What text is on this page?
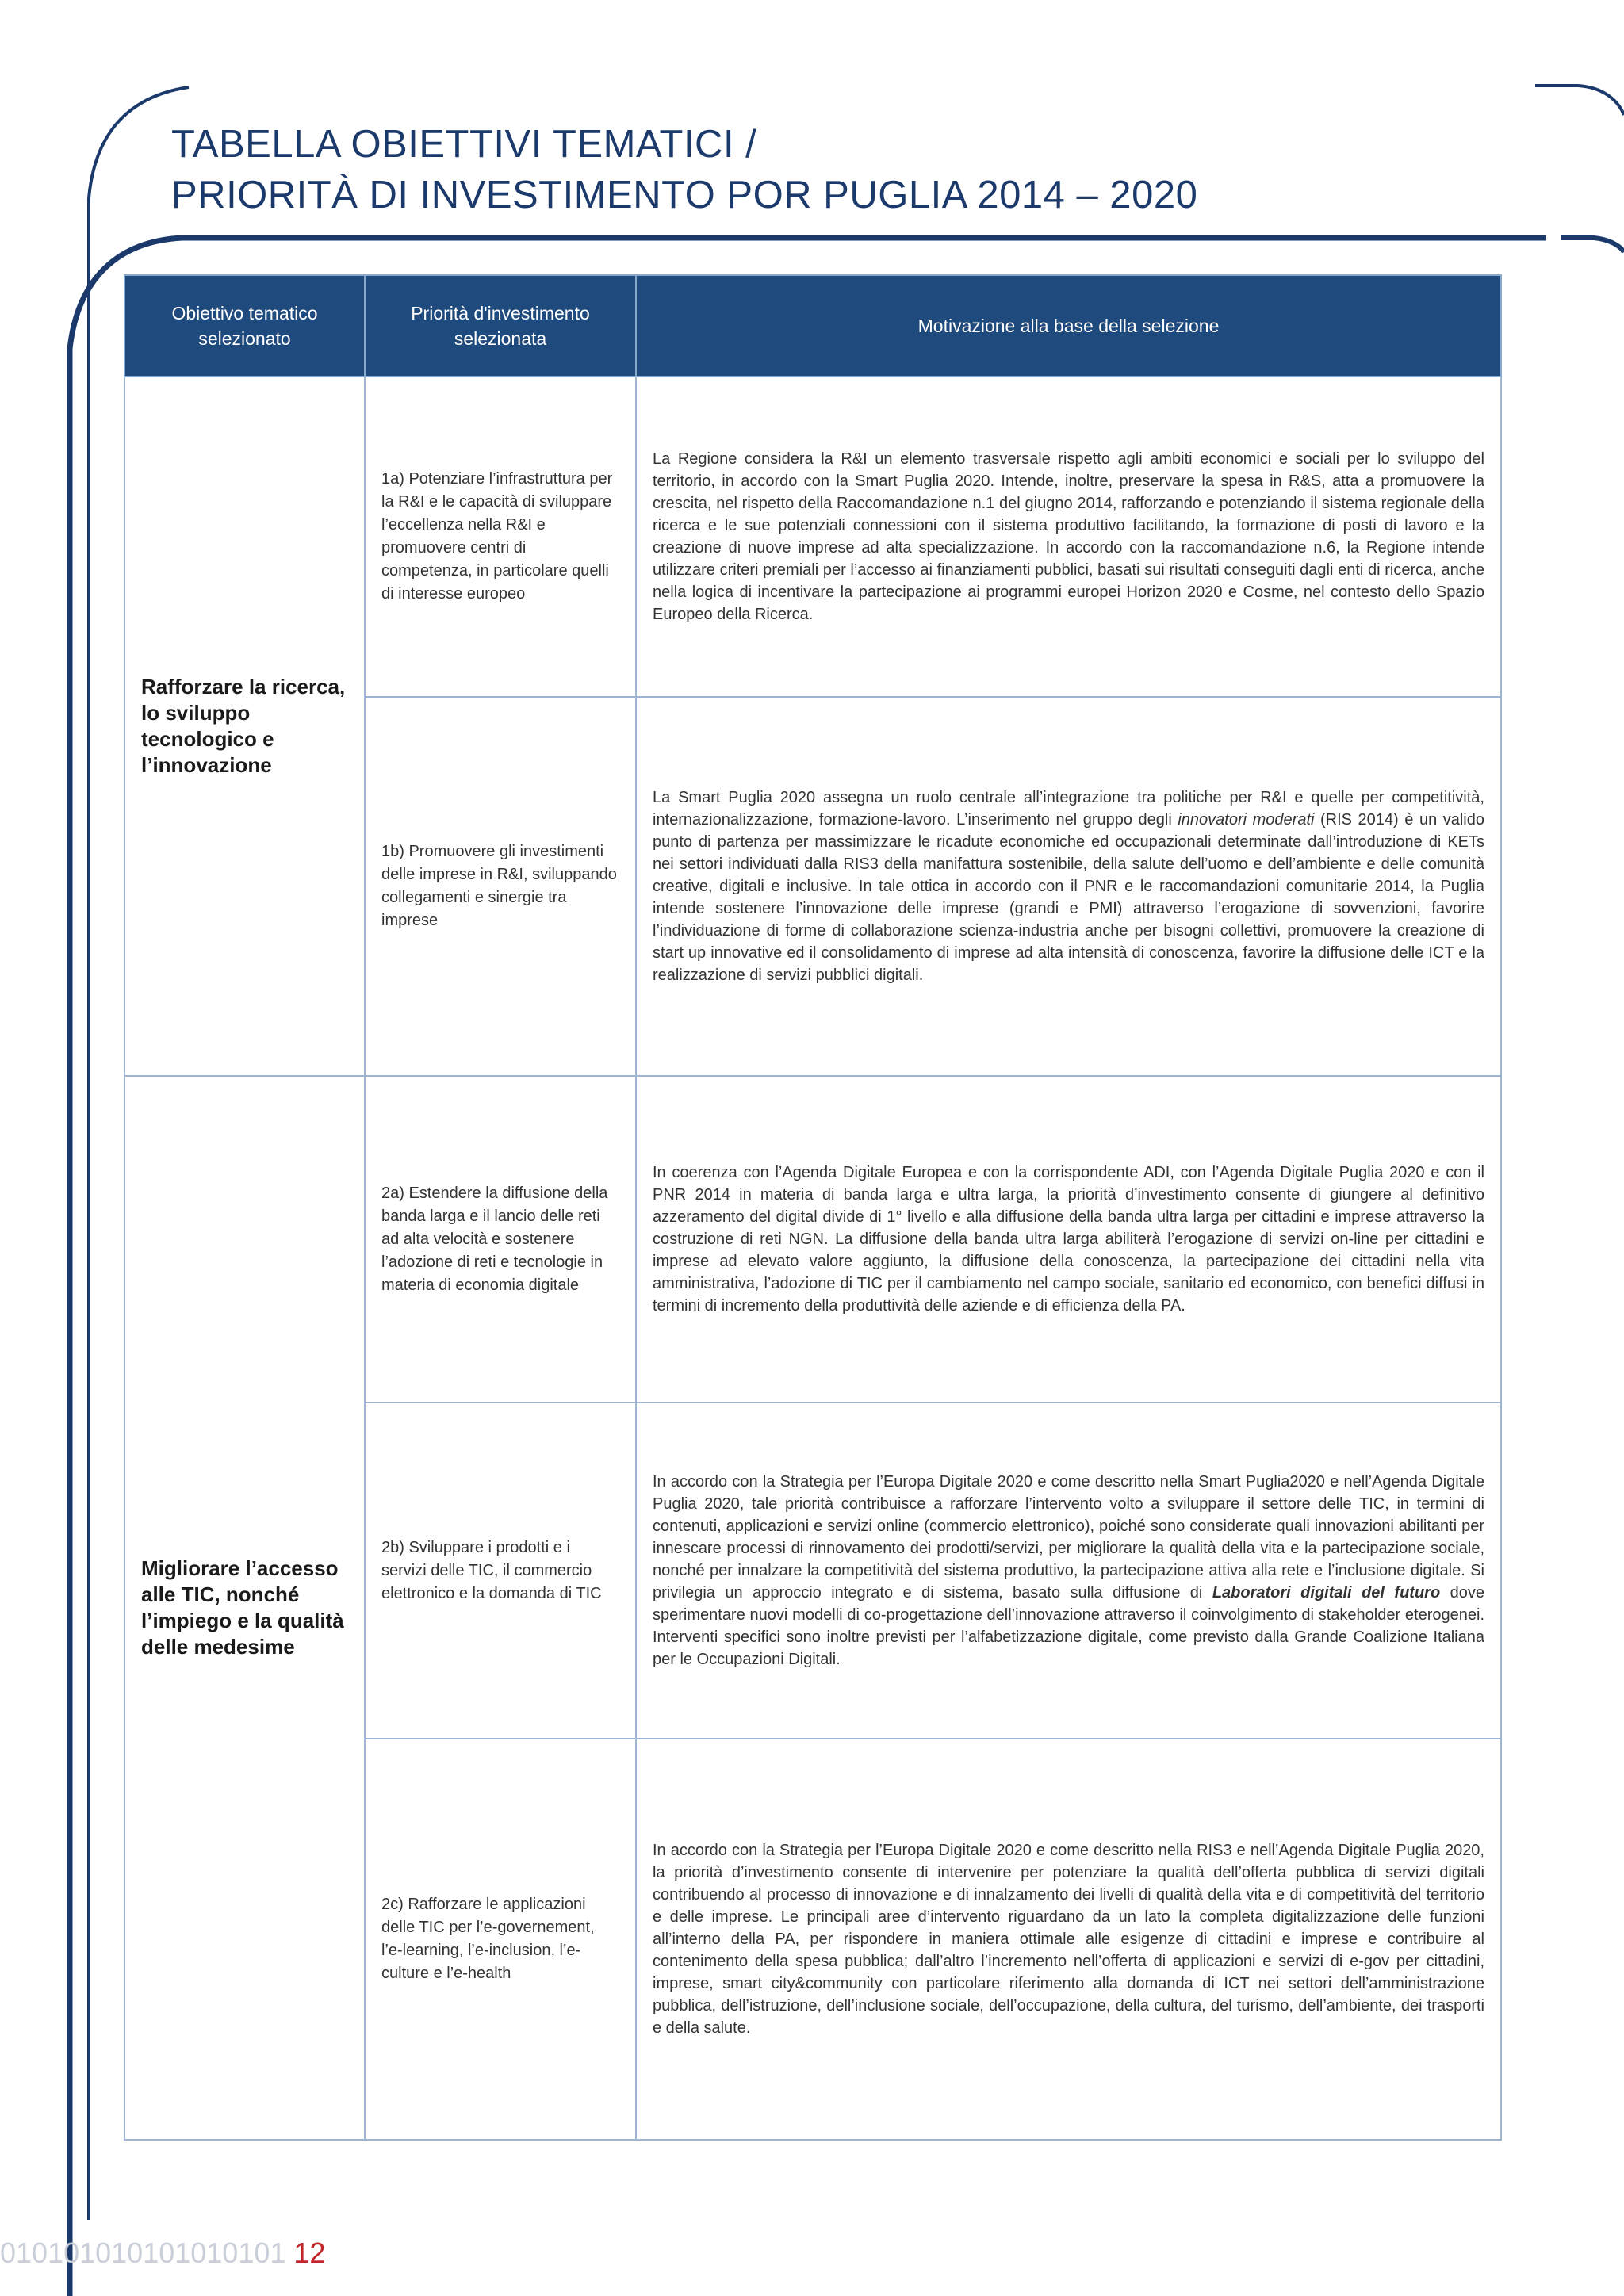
TABELLA OBIETTIVI TEMATICI /
PRIORITÀ DI INVESTIMENTO POR PUGLIA 2014 – 2020
Obiettivo tematico selezionato	Priorità d'investimento selezionata	Motivazione alla base della selezione
Rafforzare la ricerca, lo sviluppo tecnologico e l’innovazione	1a) Potenziare l’infrastruttura per la R&I e le capacità di sviluppare l’eccellenza nella R&I e promuovere centri di competenza, in particolare quelli di interesse europeo	La Regione considera la R&I un elemento trasversale rispetto agli ambiti economici e sociali per lo sviluppo del territorio, in accordo con la Smart Puglia 2020. Intende, inoltre, preservare la spesa in R&S, atta a promuovere la crescita, nel rispetto della Raccomandazione n.1 del giugno 2014, rafforzando e potenziando il sistema regionale della ricerca e le sue potenziali connessioni con il sistema produttivo facilitando, la formazione di posti di lavoro e la creazione di nuove imprese ad alta specializzazione. In accordo con la raccomandazione n.6, la Regione intende utilizzare criteri premiali per l’accesso ai finanziamenti pubblici, basati sui risultati conseguiti dagli enti di ricerca, anche nella logica di incentivare la partecipazione ai programmi europei Horizon 2020 e Cosme, nel contesto dello Spazio Europeo della Ricerca.
	1b) Promuovere gli investimenti delle imprese in R&I, sviluppando collegamenti e sinergie tra imprese	La Smart Puglia 2020 assegna un ruolo centrale all’integrazione tra politiche per R&I e quelle per competitività, internazionalizzazione, formazione-lavoro. L’inserimento nel gruppo degli innovatori moderati (RIS 2014) è un valido punto di partenza per massimizzare le ricadute economiche ed occupazionali determinate dall’introduzione di KETs nei settori individuati dalla RIS3 della manifattura sostenibile, della salute dell’uomo e dell’ambiente e delle comunità creative, digitali e inclusive. In tale ottica in accordo con il PNR e le raccomandazioni comunitarie 2014, la Puglia intende sostenere l’innovazione delle imprese (grandi e PMI) attraverso l’erogazione di sovvenzioni, favorire l’individuazione di forme di collaborazione scienza-industria anche per bisogni collettivi, promuovere la creazione di start up innovative ed il consolidamento di imprese ad alta intensità di conoscenza, favorire la diffusione delle ICT e la realizzazione di servizi pubblici digitali.
Migliorare l’accesso alle TIC, nonché l’impiego e la qualità delle medesime	2a) Estendere la diffusione della banda larga e il lancio delle reti ad alta velocità e sostenere l’adozione di reti e tecnologie in materia di economia digitale	In coerenza con l’Agenda Digitale Europea e con la corrispondente ADI, con l’Agenda Digitale Puglia 2020 e con il PNR 2014 in materia di banda larga e ultra larga, la priorità d’investimento consente di giungere al definitivo azzeramento del digital divide di 1° livello e alla diffusione della banda ultra larga per cittadini e imprese attraverso la costruzione di reti NGN. La diffusione della banda ultra larga abiliterà l’erogazione di servizi on-line per cittadini e imprese ad elevato valore aggiunto, la diffusione della conoscenza, la partecipazione dei cittadini nella vita amministrativa, l’adozione di TIC per il cambiamento nel campo sociale, sanitario ed economico, con benefici diffusi in termini di incremento della produttività delle aziende e di efficienza della PA.
	2b) Sviluppare i prodotti e i servizi delle TIC, il commercio elettronico e la domanda di TIC	In accordo con la Strategia per l’Europa Digitale 2020 e come descritto nella Smart Puglia2020 e nell’Agenda Digitale Puglia 2020, tale priorità contribuisce a rafforzare l’intervento volto a sviluppare il settore delle TIC, in termini di contenuti, applicazioni e servizi online (commercio elettronico), poiché sono considerate quali innovazioni abilitanti per innescare processi di rinnovamento dei prodotti/servizi, per migliorare la qualità della vita e la partecipazione sociale, nonché per innalzare la competitività del sistema produttivo, la partecipazione attiva alla rete e l’inclusione digitale. Si privilegia un approccio integrato e di sistema, basato sulla diffusione di Laboratori digitali del futuro dove sperimentare nuovi modelli di co-progettazione dell’innovazione attraverso il coinvolgimento di stakeholder eterogenei. Interventi specifici sono inoltre previsti per l’alfabetizzazione digitale, come previsto dalla Grande Coalizione Italiana per le Occupazioni Digitali.
	2c) Rafforzare le applicazioni delle TIC per l’e-governement, l’e-learning, l’e-inclusion, l’e-culture e l’e-health	In accordo con la Strategia per l’Europa Digitale 2020 e come descritto nella RIS3 e nell’Agenda Digitale Puglia 2020, la priorità d’investimento consente di intervenire per potenziare la qualità dell’offerta pubblica di servizi digitali contribuendo al processo di innovazione e di innalzamento dei livelli di qualità della vita e di competitività del territorio e delle imprese. Le principali aree d’intervento riguardano da un lato la completa digitalizzazione delle funzioni all’interno della PA, per rispondere in maniera ottimale alle esigenze di cittadini e imprese e contribuire al contenimento della spesa pubblica; dall’altro l’incremento nell’offerta di applicazioni e servizi di e-gov per cittadini, imprese, smart city&community con particolare riferimento alla domanda di ICT nei settori dell’amministrazione pubblica, dell’istruzione, dell’inclusione sociale, dell’occupazione, della cultura, del turismo, dell’ambiente, dei trasporti e della salute.
010101010101010101 12
